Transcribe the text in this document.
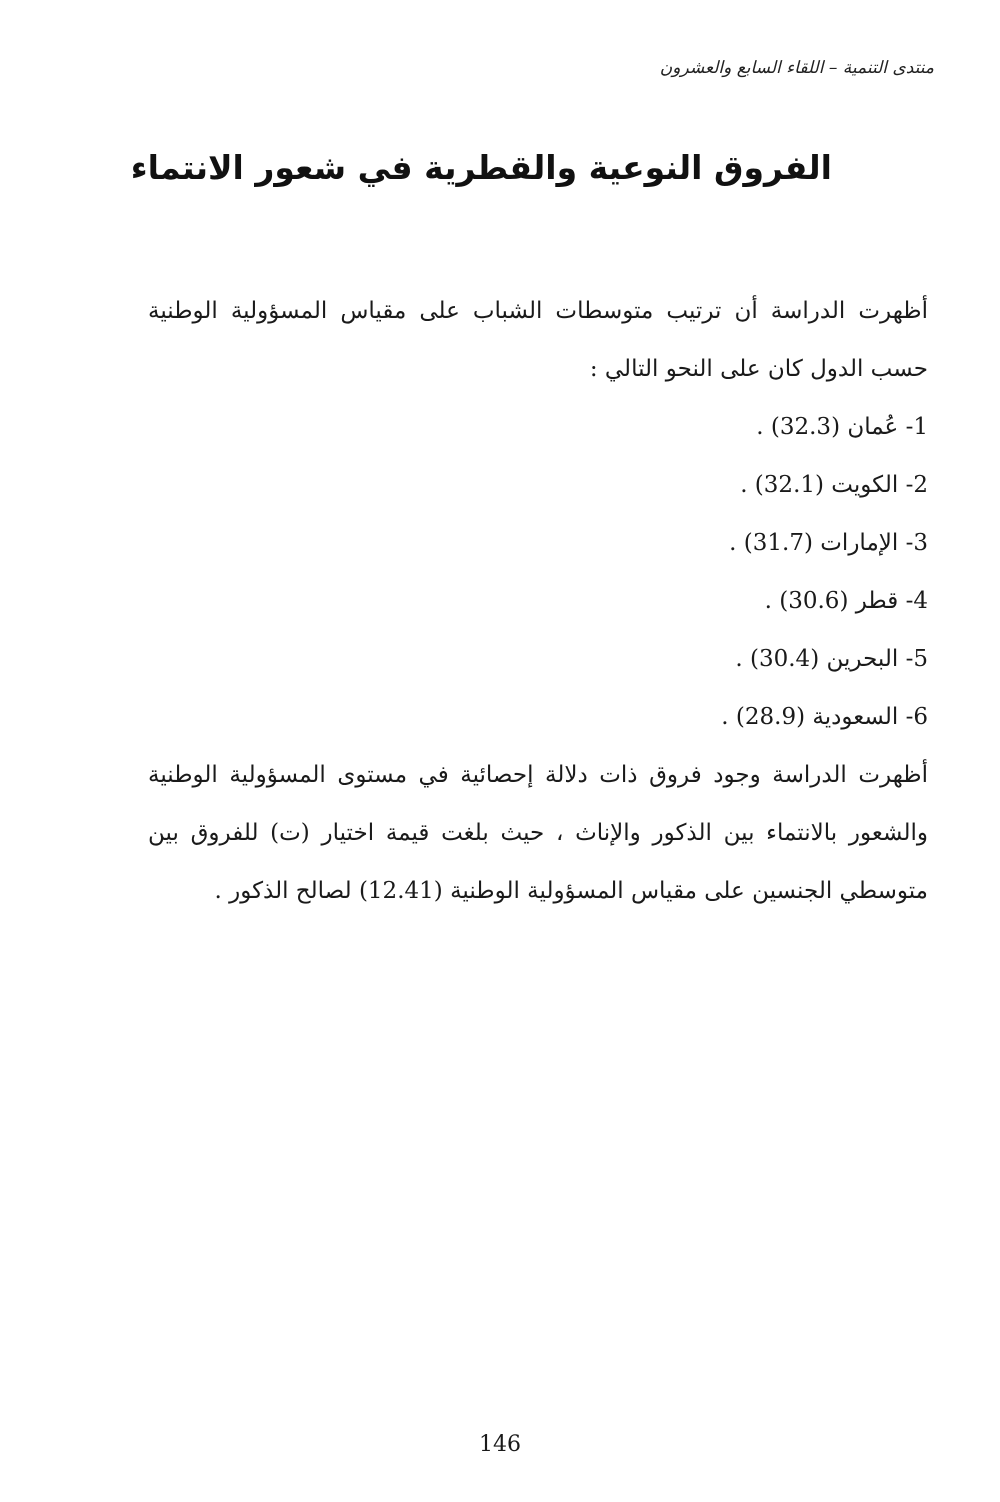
منتدى التنمية – اللقاء السابع والعشرون
الفروق النوعية والقطرية في شعور الانتماء

أظهرت الدراسة أن ترتيب متوسطات الشباب على مقياس المسؤولية الوطنية حسب الدول كان على النحو التالي :

1- عُمان (32.3) .
2- الكويت (32.1) .
3- الإمارات (31.7) .
4- قطر (30.6) .
5- البحرين (30.4) .
6- السعودية (28.9) .

أظهرت الدراسة وجود فروق ذات دلالة إحصائية في مستوى المسؤولية الوطنية والشعور بالانتماء بين الذكور والإناث ، حيث بلغت قيمة اختيار (ت) للفروق بين متوسطي الجنسين على مقياس المسؤولية الوطنية (12.41) لصالح الذكور .

146
